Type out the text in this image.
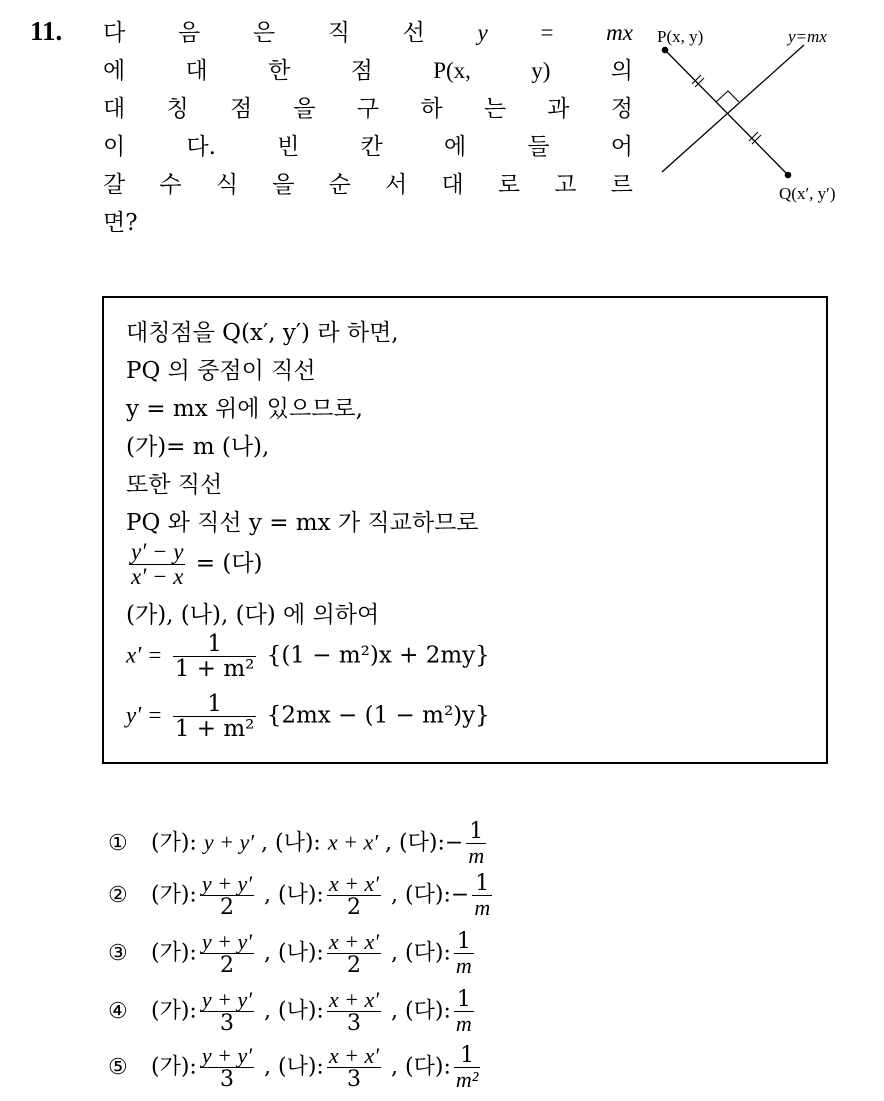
11. 다 음 은 직 선 y = mx
에	대	한	점	P(x,	y)	의
대 칭 점 을 구 하 는 과 정
이	다.	빈	칸	에	들	어
갈 수 식 을 순 서 대 로 고 르
면?
P(x, y)	y=mx
Q(x′, y′)
대칭점을 Q(x′, y′) 라 하면,
PQ 의 중점이 직선
y = mx 위에 있으므로,
(가)= m (나),
또한 직선
PQ 와 직선 y = mx 가 직교하므로
$\frac{y' - y}{x' - x}$ = (다)
(가), (나), (다) 에 의하여
$x' = \frac{1}{\text{1 + m²}} \{(1 - m^2)x + 2my\}$
$y' = \frac{1}{\text{1 + m²}} \{2mx - (1 - m^2)y\}$
① (가): y + y′ , (나): x + x′ , (다):− $\frac{1}{m}$
② (가): $\frac{y + y'}{2}$ , (나): $\frac{x + x'}{2}$ , (다):− $\frac{1}{m}$
③ (가): $\frac{y + y'}{2}$ , (나): $\frac{x + x'}{2}$ , (다): $\frac{1}{m}$
④ (가): $\frac{y + y'}{3}$ , (나): $\frac{x + x'}{3}$ , (다): $\frac{1}{m}$
⑤ (가): $\frac{y + y'}{3}$ , (나): $\frac{x + x'}{3}$ , (다): $\frac{1}{\text{m²}}$
